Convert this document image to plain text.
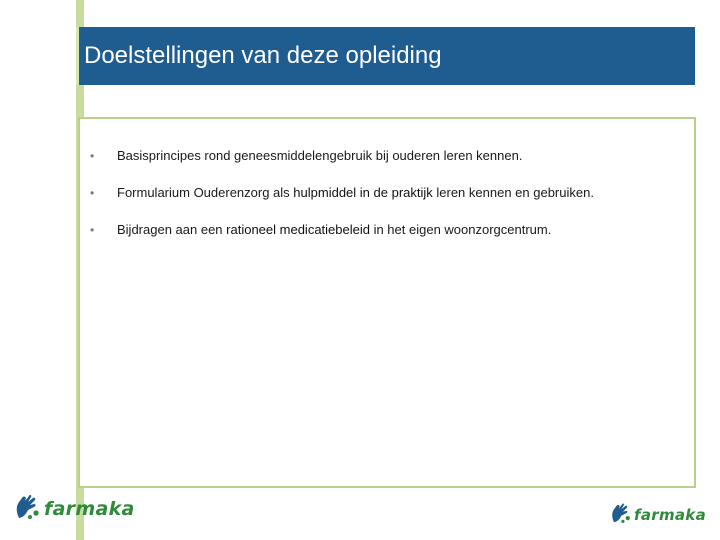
Doelstellingen van deze opleiding
•	Basisprincipes rond geneesmiddelengebruik bij ouderen leren kennen.
•	Formularium Ouderenzorg als hulpmiddel in de praktijk leren kennen en gebruiken.
•	Bijdragen aan een rationeel medicatiebeleid in het eigen woonzorgcentrum.
farmaka	farmaka
